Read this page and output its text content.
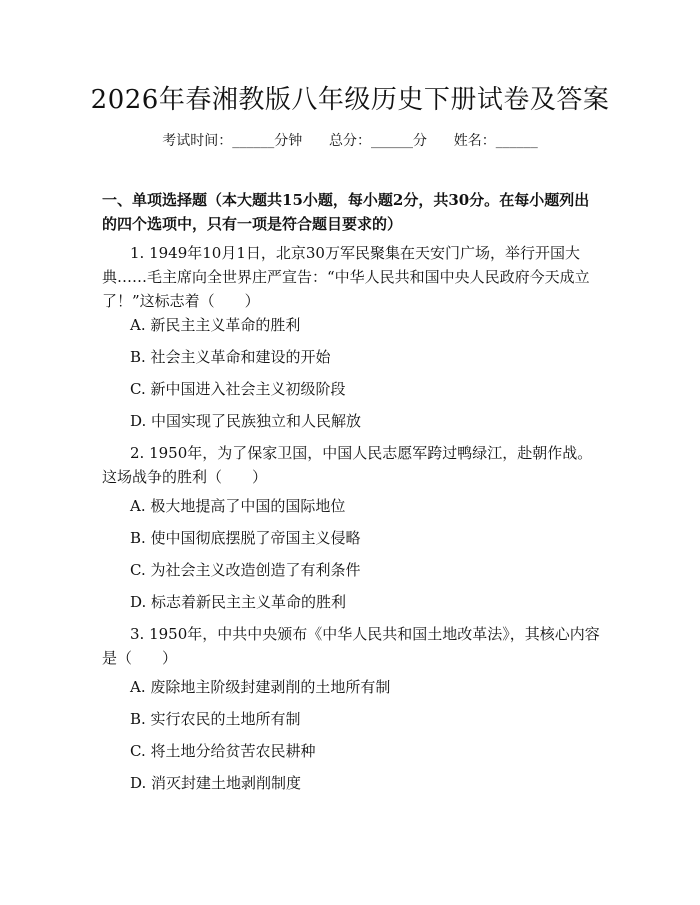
2026年春湘教版八年级历史下册试卷及答案
考试时间：______分钟      总分：______分      姓名：______
一、单项选择题（本大题共15小题，每小题2分，共30分。在每小题列出的四个选项中，只有一项是符合题目要求的）
1. 1949年10月1日，北京30万军民聚集在天安门广场，举行开国大典……毛主席向全世界庄严宣告：“中华人民共和国中央人民政府今天成立了！”这标志着（　　）
A. 新民主主义革命的胜利
B. 社会主义革命和建设的开始
C. 新中国进入社会主义初级阶段
D. 中国实现了民族独立和人民解放
2. 1950年，为了保家卫国，中国人民志愿军跨过鸭绿江，赴朝作战。这场战争的胜利（　　）
A. 极大地提高了中国的国际地位
B. 使中国彻底摆脱了帝国主义侵略
C. 为社会主义改造创造了有利条件
D. 标志着新民主主义革命的胜利
3. 1950年，中共中央颁布《中华人民共和国土地改革法》，其核心内容是（　　）
A. 废除地主阶级封建剥削的土地所有制
B. 实行农民的土地所有制
C. 将土地分给贫苦农民耕种
D. 消灭封建土地剥削制度
